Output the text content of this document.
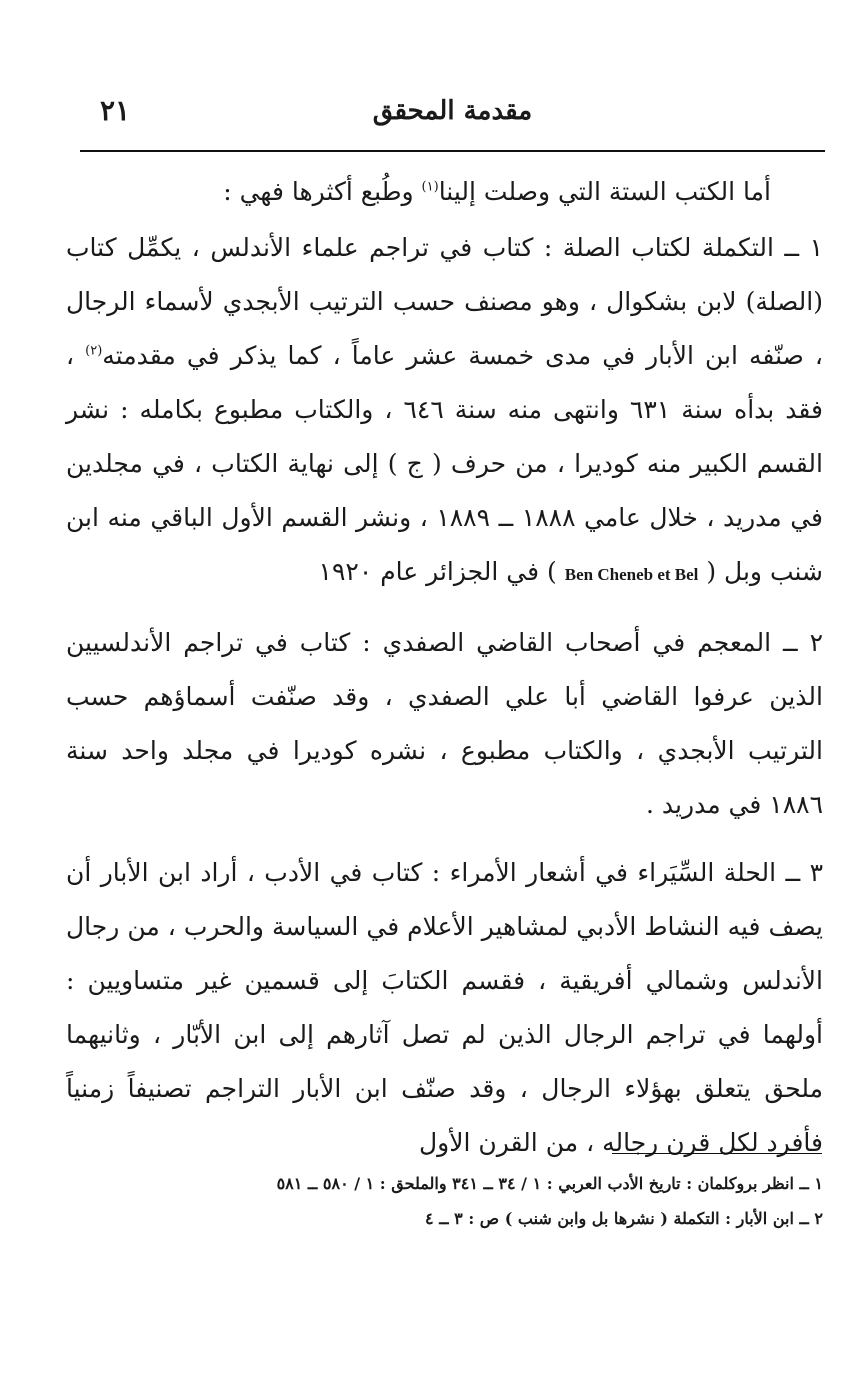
٢١	مقدمة المحقق

أما الكتب الستة التي وصلت إلينا$^{(١)}$ وطُبع أكثرها فهي :

١ ــ التكملة لكتاب الصلة : كتاب في تراجم علماء الأندلس ، يكمِّل كتاب (الصلة) لابن بشكوال ، وهو مصنف حسب الترتيب الأبجدي لأسماء الرجال ، صنّفه ابن الأبار في مدى خمسة عشر عاماً ، كما يذكر في مقدمته$^{(٢)}$ ، فقد بدأه سنة ٦٣١ وانتهى منه سنة ٦٤٦ ، والكتاب مطبوع بكامله : نشر القسم الكبير منه كوديرا ، من حرف ( ج ) إلى نهاية الكتاب ، في مجلدين في مدريد ، خلال عامي ١٨٨٨ ــ ١٨٨٩ ، ونشر القسم الأول الباقي منه ابن شنب وبل ( Ben Cheneb et Bel ) في الجزائر عام ١٩٢٠

٢ ــ المعجم في أصحاب القاضي الصفدي : كتاب في تراجم الأندلسيين الذين عرفوا القاضي أبا علي الصفدي ، وقد صنّفت أسماؤهم حسب الترتيب الأبجدي ، والكتاب مطبوع ، نشره كوديرا في مجلد واحد سنة ١٨٨٦ في مدريد .

٣ ــ الحلة السِّيَراء في أشعار الأمراء : كتاب في الأدب ، أراد ابن الأبار أن يصف فيه النشاط الأدبي لمشاهير الأعلام في السياسة والحرب ، من رجال الأندلس وشمالي أفريقية ، فقسم الكتابَ إلى قسمين غير متساويين : أولهما في تراجم الرجال الذين لم تصل آثارهم إلى ابن الأبّار ، وثانيهما ملحق يتعلق بهؤلاء الرجال ، وقد صنّف ابن الأبار التراجم تصنيفاً زمنياً فأفرد لكل قرن رجاله ، من القرن الأول

١ ــ انظر بروكلمان : تاريخ الأدب العربي : ١ / ٣٤ ــ ٣٤١ والملحق : ١ / ٥٨٠ ــ ٥٨١

٢ ــ ابن الأبار : التكملة ( نشرها بل وابن شنب ) ص : ٣ ــ ٤
